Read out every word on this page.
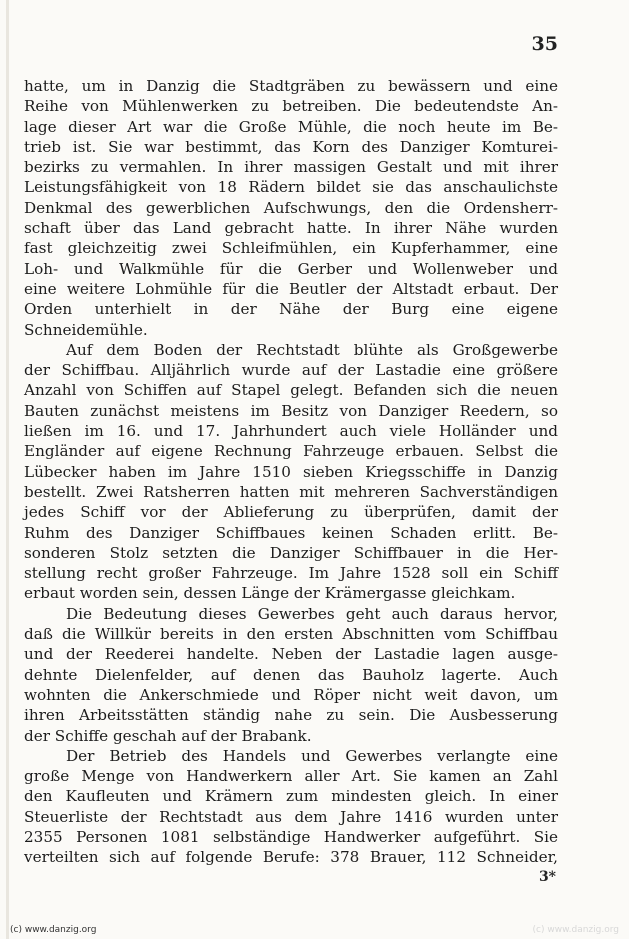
35
hatte, um in Danzig die Stadtgräben zu bewässern und eine
Reihe von Mühlenwerken zu betreiben. Die bedeutendste An-
lage dieser Art war die Große Mühle, die noch heute im Be-
trieb ist. Sie war bestimmt, das Korn des Danziger Komturei-
bezirks zu vermahlen. In ihrer massigen Gestalt und mit ihrer
Leistungsfähigkeit von 18 Rädern bildet sie das anschaulichste
Denkmal des gewerblichen Aufschwungs, den die Ordensherr-
schaft über das Land gebracht hatte. In ihrer Nähe wurden
fast gleichzeitig zwei Schleifmühlen, ein Kupferhammer, eine
Loh- und Walkmühle für die Gerber und Wollenweber und
eine weitere Lohmühle für die Beutler der Altstadt erbaut. Der
Orden unterhielt in der Nähe der Burg eine eigene
Schneidemühle.
Auf dem Boden der Rechtstadt blühte als Großgewerbe
der Schiffbau. Alljährlich wurde auf der Lastadie eine größere
Anzahl von Schiffen auf Stapel gelegt. Befanden sich die neuen
Bauten zunächst meistens im Besitz von Danziger Reedern, so
ließen im 16. und 17. Jahrhundert auch viele Holländer und
Engländer auf eigene Rechnung Fahrzeuge erbauen. Selbst die
Lübecker haben im Jahre 1510 sieben Kriegsschiffe in Danzig
bestellt. Zwei Ratsherren hatten mit mehreren Sachverständigen
jedes Schiff vor der Ablieferung zu überprüfen, damit der
Ruhm des Danziger Schiffbaues keinen Schaden erlitt. Be-
sonderen Stolz setzten die Danziger Schiffbauer in die Her-
stellung recht großer Fahrzeuge. Im Jahre 1528 soll ein Schiff
erbaut worden sein, dessen Länge der Krämergasse gleichkam.
Die Bedeutung dieses Gewerbes geht auch daraus hervor,
daß die Willkür bereits in den ersten Abschnitten vom Schiffbau
und der Reederei handelte. Neben der Lastadie lagen ausge-
dehnte Dielenfelder, auf denen das Bauholz lagerte. Auch
wohnten die Ankerschmiede und Röper nicht weit davon, um
ihren Arbeitsstätten ständig nahe zu sein. Die Ausbesserung
der Schiffe geschah auf der Brabank.
Der Betrieb des Handels und Gewerbes verlangte eine
große Menge von Handwerkern aller Art. Sie kamen an Zahl
den Kaufleuten und Krämern zum mindesten gleich. In einer
Steuerliste der Rechtstadt aus dem Jahre 1416 wurden unter
2355 Personen 1081 selbständige Handwerker aufgeführt. Sie
verteilten sich auf folgende Berufe: 378 Brauer, 112 Schneider,
3*
(c) www.danzig.org	(c) www.danzig.org
